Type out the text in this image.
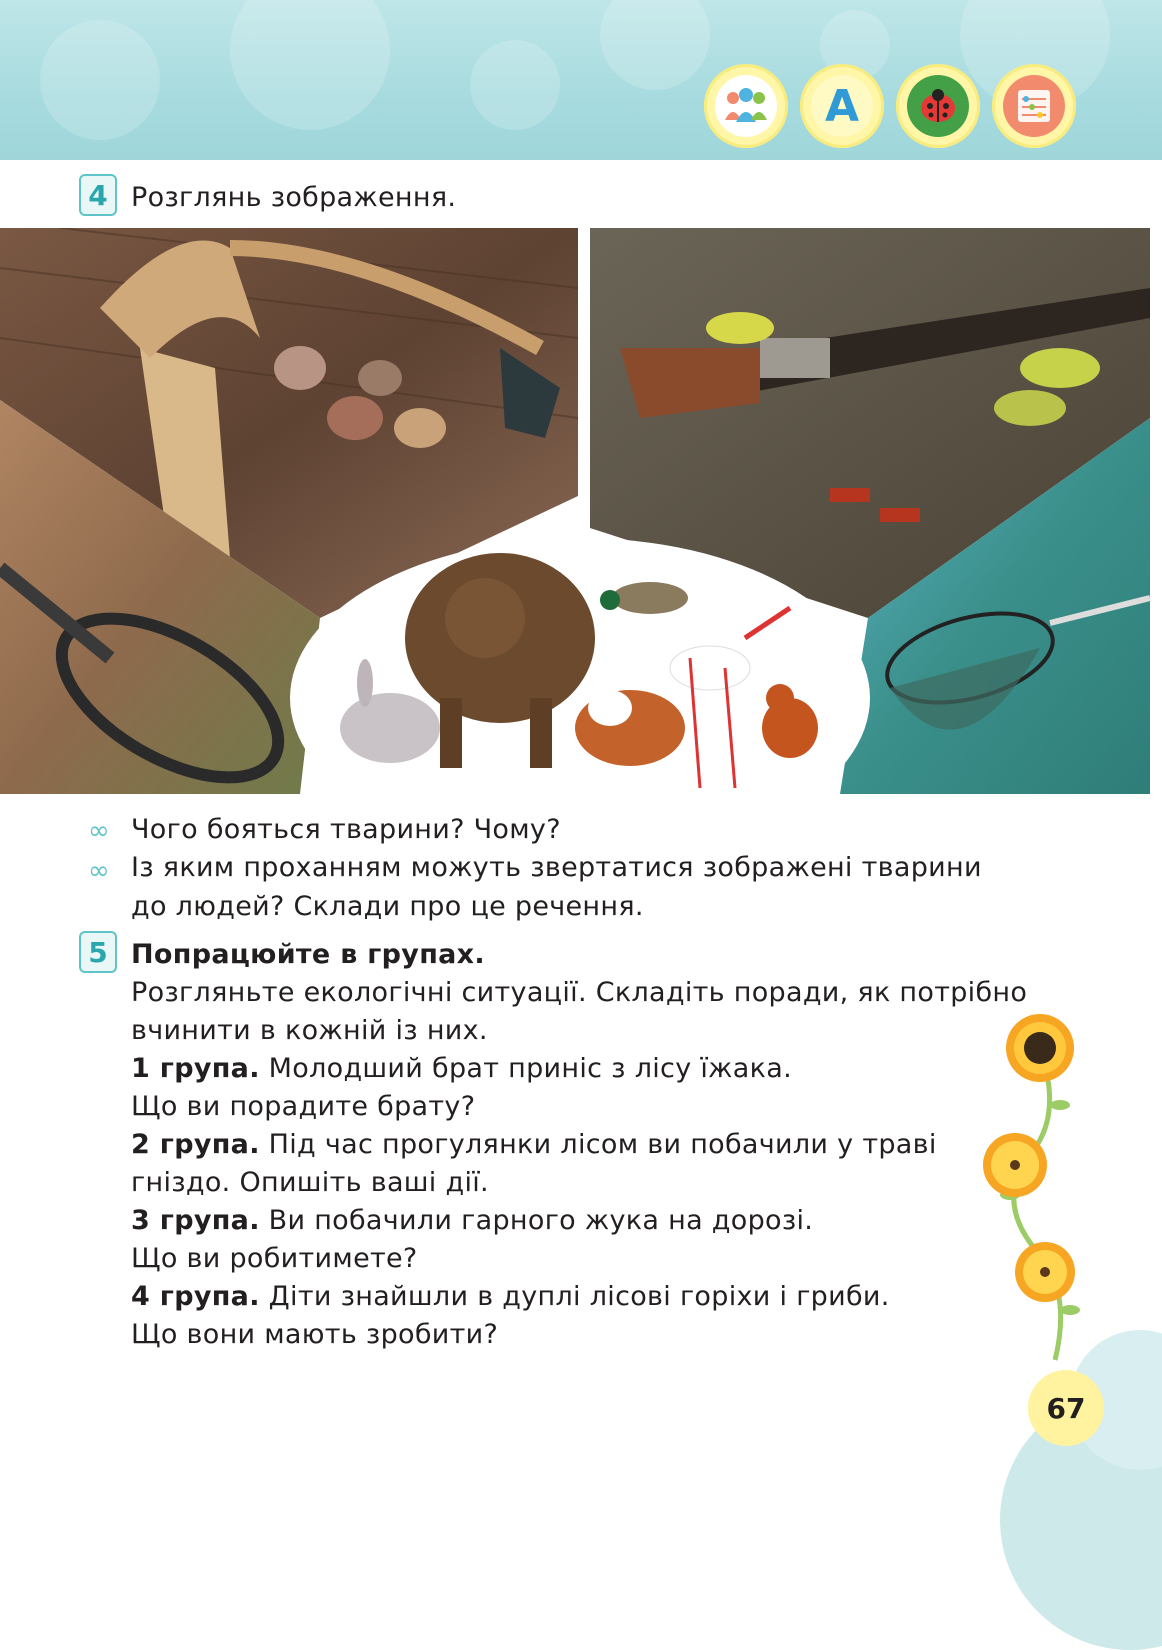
A
4 Розглянь зображення.
∞ Чого бояться тварини? Чому?
∞ Із яким проханням можуть звертатися зображені тварини
до людей? Склади про це речення.
5 Попрацюйте в групах.
Розгляньте екологічні ситуації. Складіть поради, як потрібно
вчинити в кожній із них.
1 група. Молодший брат приніс з лісу їжака.
Що ви порадите брату?
2 група. Під час прогулянки лісом ви побачили у траві
гніздо. Опишіть ваші дії.
3 група. Ви побачили гарного жука на дорозі.
Що ви робитимете?
4 група. Діти знайшли в дуплі лісові горіхи і гриби.
Що вони мають зробити?
67
